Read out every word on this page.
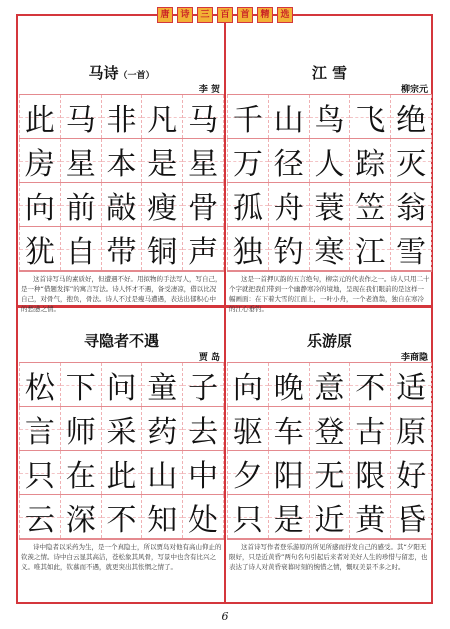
唐	诗	三	百	首	精	选
马诗（一首）
李 贺
此 马 非 凡 马
房 星 本 是 星
向 前 敲 瘦 骨
犹 自 带 铜 声
这首诗写马的素质好，但遭遇不好。用拟物的手法写人，写自己，是一种“借题发挥”的寓言写法。诗人怀才不遇，备受凄凉，借以比况自己，对骨气，抱负，骨法。诗人不过是瘦马遭遇，表达出郁积心中的愁懑之情。
江 雪
柳宗元
千 山 鸟 飞 绝
万 径 人 踪 灭
孤 舟 蓑 笠 翁
独 钓 寒 江 雪
这是一首押仄韵的五言绝句，柳宗元的代表作之一。诗人只用二十个字就把我们带到一个幽静寒冷的境地，呈现在我们眼前的是这样一幅画面：在下着大雪的江面上，一叶小舟，一个老渔翁，独自在寒冷的江心垂钓。
寻隐者不遇
贾 岛
松 下 问 童 子
言 师 采 药 去
只 在 此 山 中
云 深 不 知 处
诗中隐者以采药为生，是一个真隐士，所以贾岛对他有高山仰止的钦羡之情。诗中白云显其高洁，苍松象其风骨，写景中也含有比兴之义。唯其如此，钦慕而不遇，就更突出其怅惘之情了。
乐游原
李商隐
向 晚 意 不 适
驱 车 登 古 原
夕 阳 无 限 好
只 是 近 黄 昏
这首诗写作者登乐游原的所见所感而抒发自己的感受。其“夕阳无限好，只是近黄昏”两句名句引起后来者对美好人生的珍惜与留恋，也表达了诗人对黄昏衰暮时刻的惋惜之情，慨叹美景不多之时。
6
